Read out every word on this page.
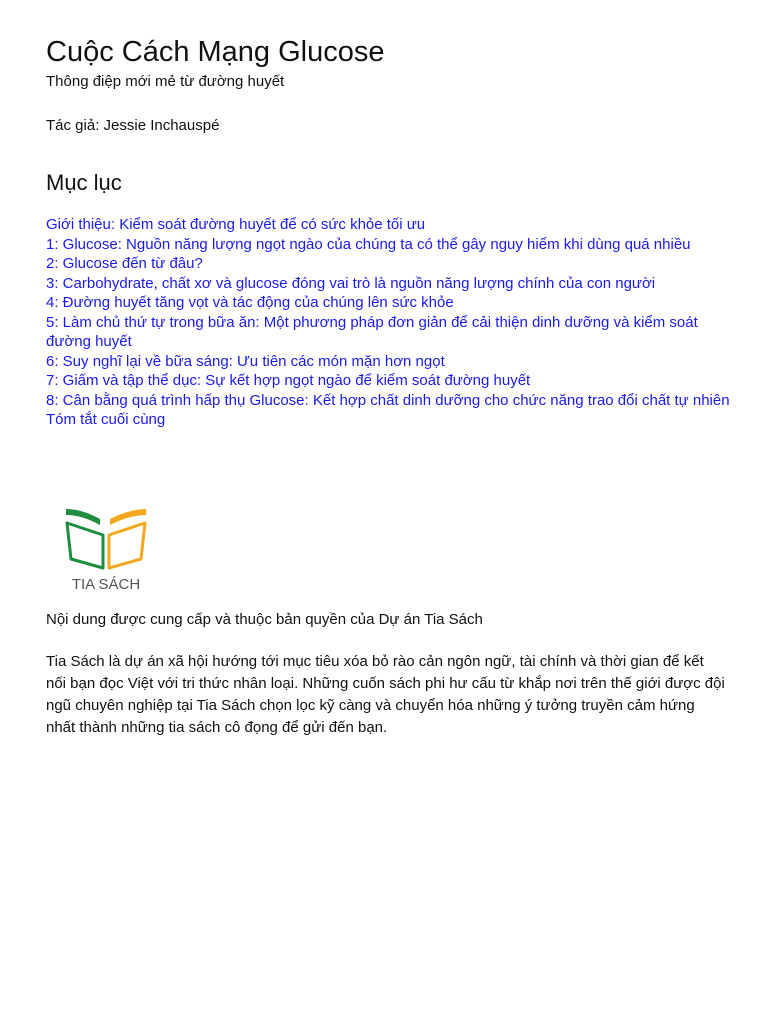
Cuộc Cách Mạng Glucose
Thông điệp mới mẻ từ đường huyết
Tác giả: Jessie Inchauspé
Mục lục
Giới thiệu: Kiểm soát đường huyết để có sức khỏe tối ưu
1: Glucose: Nguồn năng lượng ngọt ngào của chúng ta có thể gây nguy hiểm khi dùng quá nhiều
2: Glucose đến từ đâu?
3: Carbohydrate, chất xơ và glucose đóng vai trò là nguồn năng lượng chính của con người
4: Đường huyết tăng vọt và tác động của chúng lên sức khỏe
5: Làm chủ thứ tự trong bữa ăn: Một phương pháp đơn giản để cải thiện dinh dưỡng và kiểm soát đường huyết
6: Suy nghĩ lại về bữa sáng: Ưu tiên các món mặn hơn ngọt
7: Giấm và tập thể dục: Sự kết hợp ngọt ngào để kiểm soát đường huyết
8: Cân bằng quá trình hấp thụ Glucose: Kết hợp chất dinh dưỡng cho chức năng trao đổi chất tự nhiên
Tóm tắt cuối cùng
TIA SÁCH
Nội dung được cung cấp và thuộc bản quyền của Dự án Tia Sách

Tia Sách là dự án xã hội hướng tới mục tiêu xóa bỏ rào cản ngôn ngữ, tài chính và thời gian để kết nối bạn đọc Việt với tri thức nhân loại. Những cuốn sách phi hư cấu từ khắp nơi trên thế giới được đội ngũ chuyên nghiệp tại Tia Sách chọn lọc kỹ càng và chuyển hóa những ý tưởng truyền cảm hứng nhất thành những tia sách cô đọng để gửi đến bạn.
